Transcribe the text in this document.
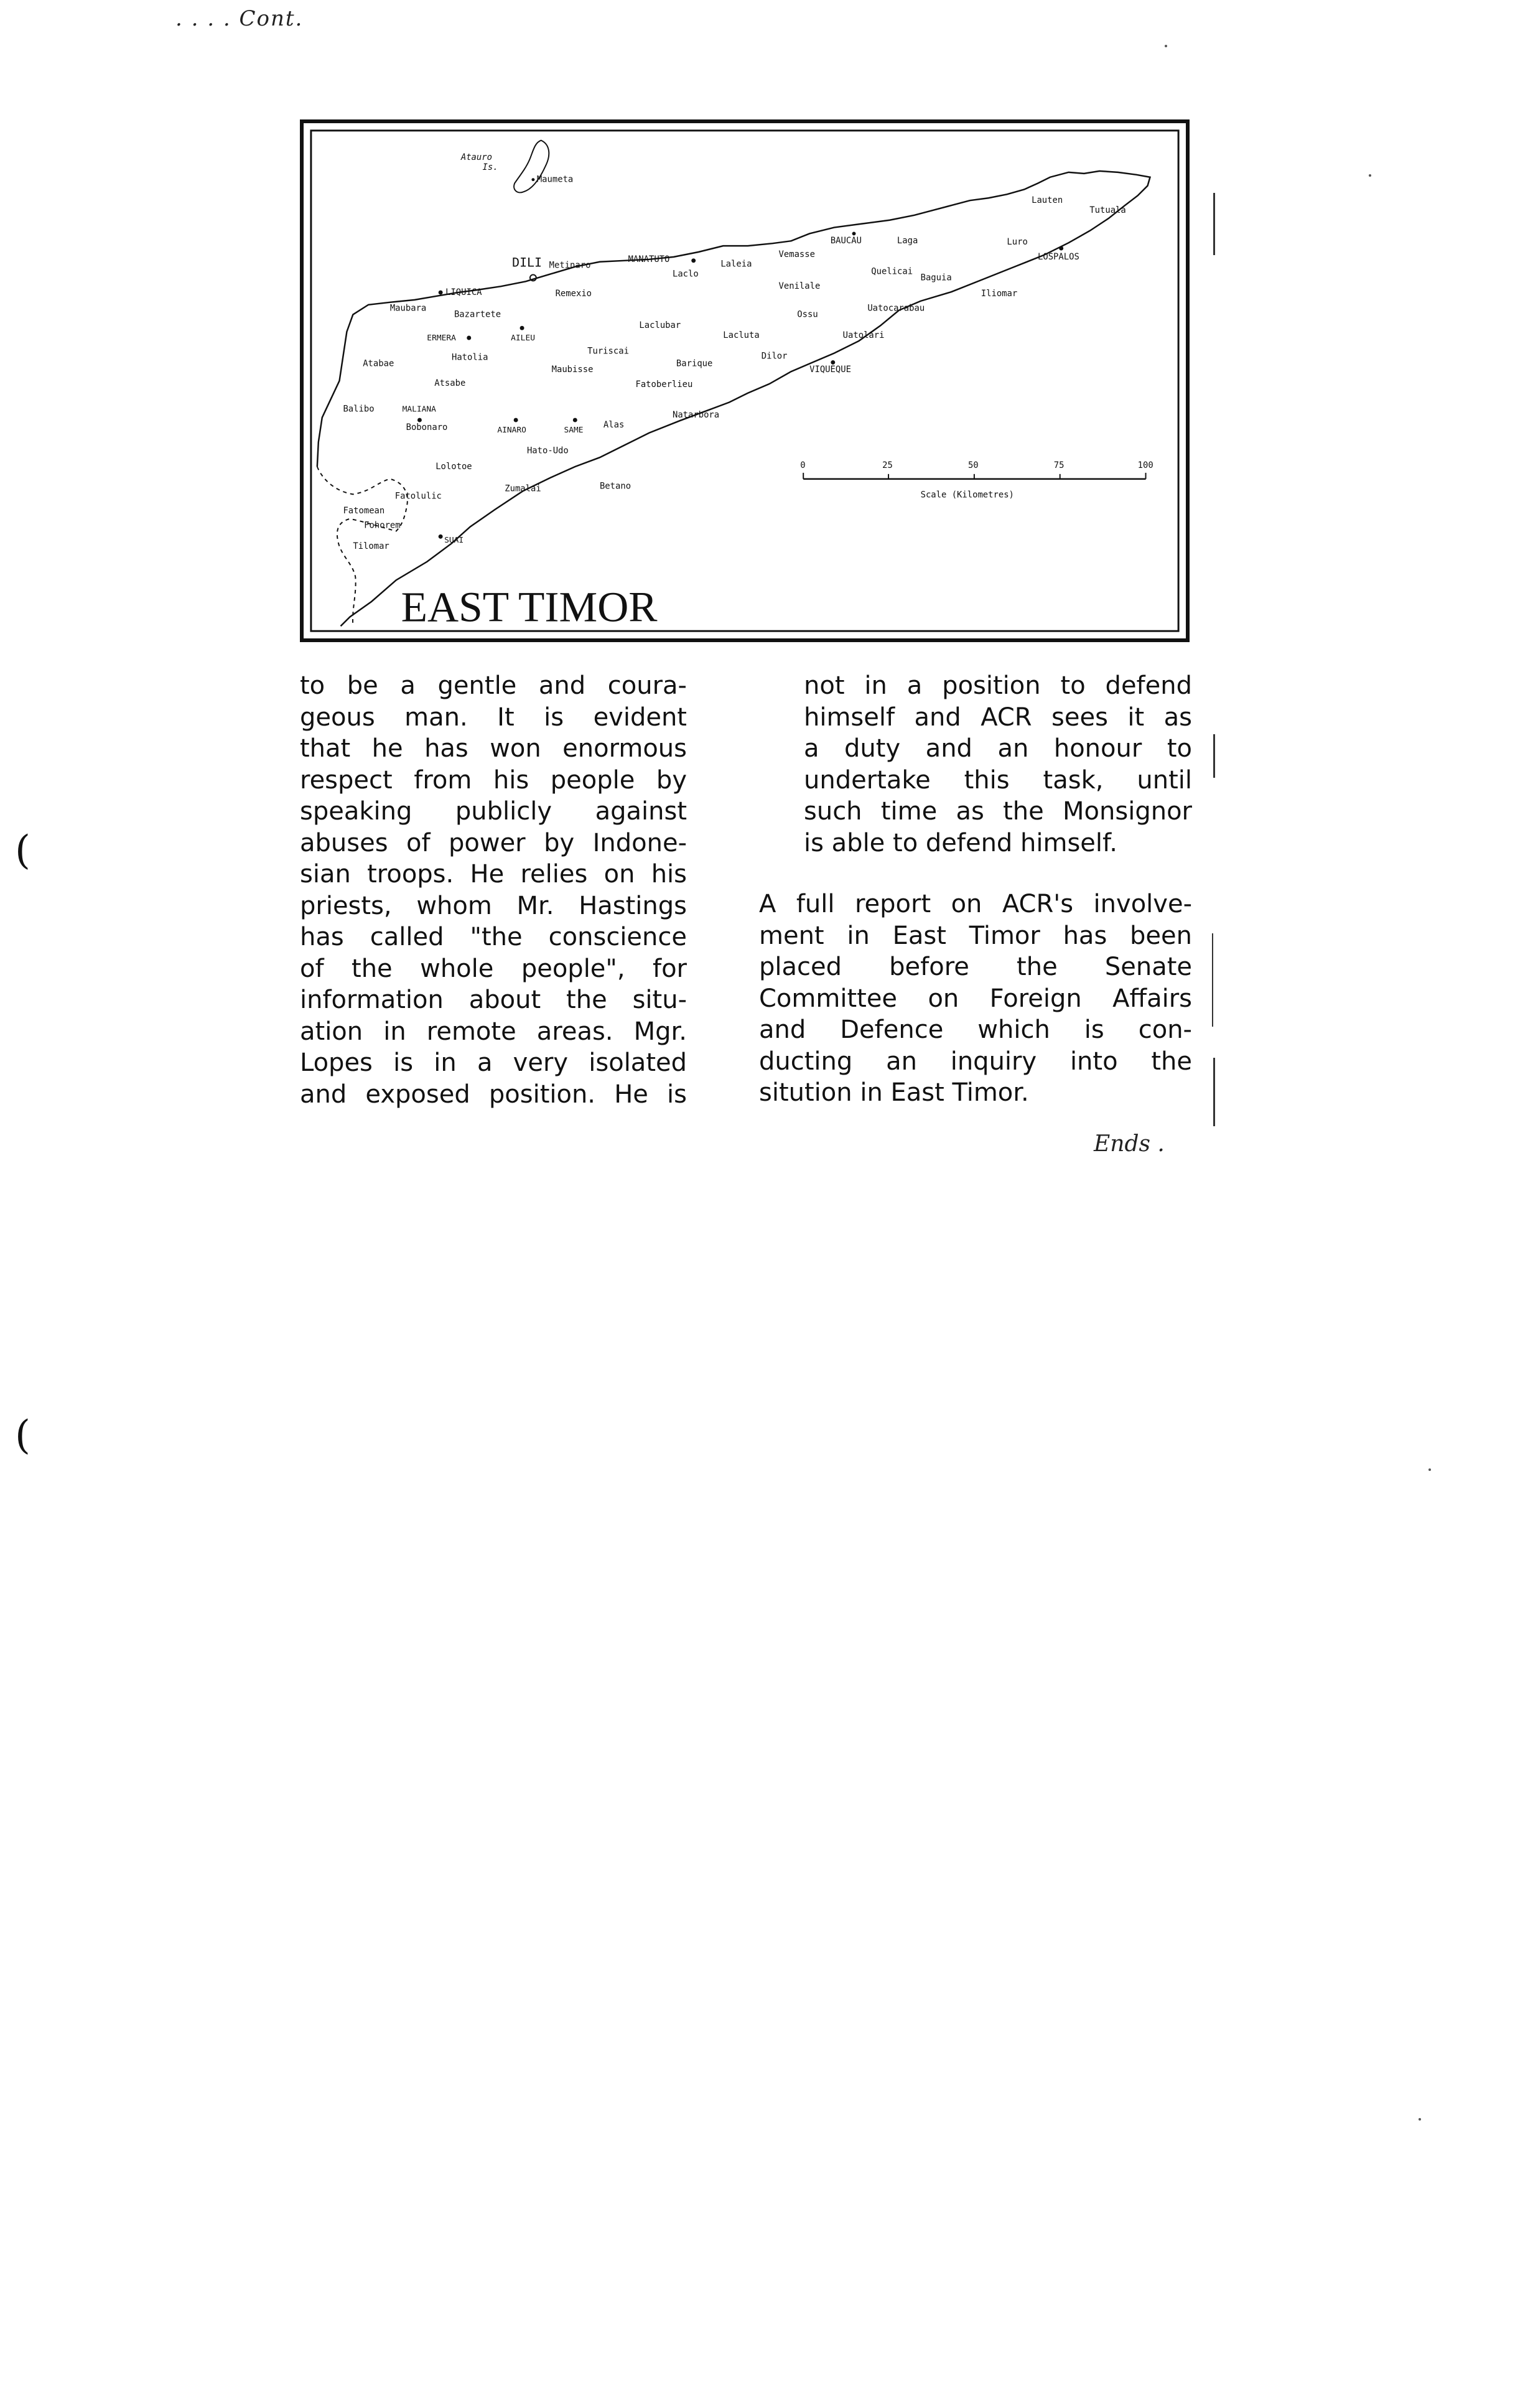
. . . . Cont.
Ends .
(
(
0	25	50	75	100
Scale (Kilometres)
Atauro
Is.
Maumeta
Lauten
Tutuala
BAUCAU	Laga	Luro
LOSPALOS
DILI Metinaro
MANATUTO	Laleia
Vemasse
Quelicai
Baguia
Laclo
Venilale
Iliomar
LIQUICA	Remexio
Ossu
Uatocarabau
Maubara
Bazartete
Laclubar
Lacluta	Uatolari
ERMERA	AILEU
Turiscai	Dilor
Hatolia
Barique
VIQUEQUE
Atabae
Maubisse
Atsabe	Fatoberlieu
Balibo	MALIANA
Natarbora
Bobonaro	AINARO	SAME
Alas
Hato-Udo
Lolotoe
Zumalai	Betano
Fatolulic
Fatomean
Fohorem
SUAI
Tilomar
EAST TIMOR

to be a gentle and coura-
geous man. It is evident
that he has won enormous
respect from his people by
speaking publicly against
abuses of power by Indone-
sian troops. He relies on his
priests, whom Mr. Hastings
has called "the conscience
of the whole people", for
information about the situ-
ation in remote areas. Mgr.
Lopes is in a very isolated
and exposed position. He is

not in a position to defend
himself and ACR sees it as
a duty and an honour to
undertake this task, until
such time as the Monsignor
is able to defend himself.

A full report on ACR's involve-
ment in East Timor has been
placed before the Senate
Committee on Foreign Affairs
and Defence which is con-
ducting an inquiry into the
sitution in East Timor.
